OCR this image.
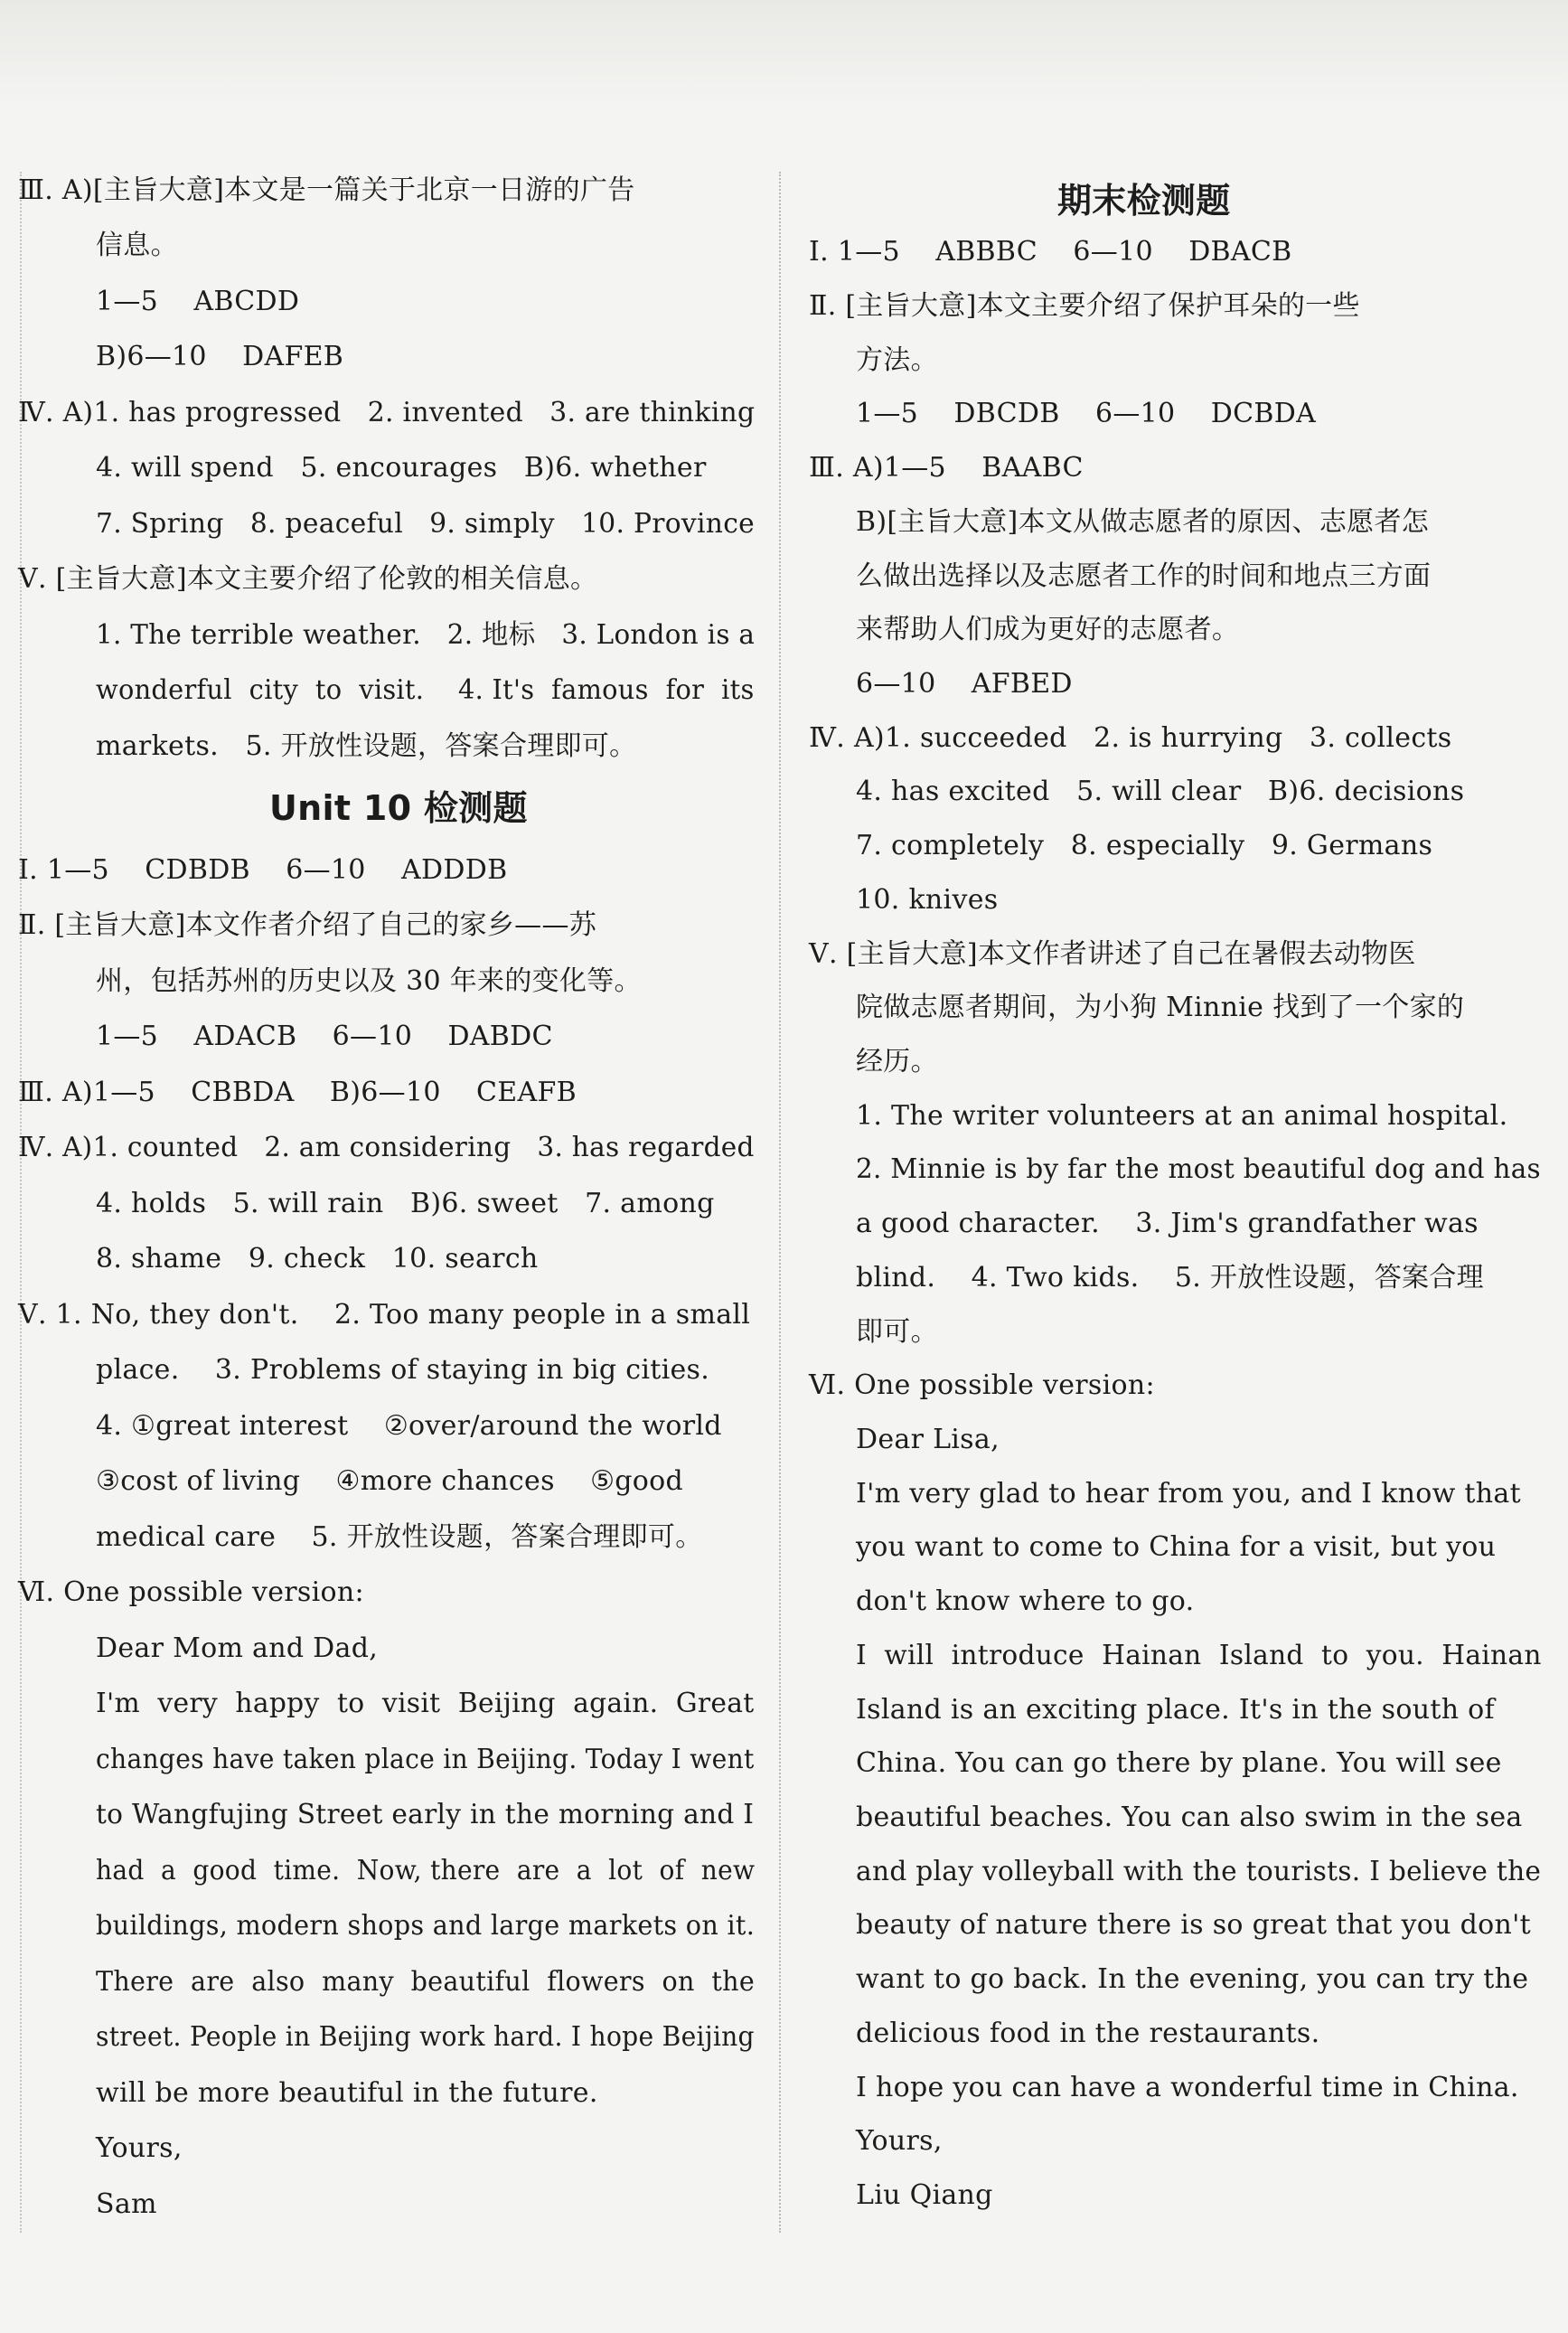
Ⅲ. A)[主旨大意]本文是一篇关于北京一日游的广告
信息。
1—5    ABCDD
B)6—10    DAFEB
Ⅳ. A)1. has progressed   2. invented   3. are thinking
4. will spend   5. encourages   B)6. whether
7. Spring   8. peaceful   9. simply   10. Province
Ⅴ. [主旨大意]本文主要介绍了伦敦的相关信息。
1. The terrible weather.   2. 地标   3. London is a
wonderful  city  to  visit.    4. It's  famous  for  its
markets.   5. 开放性设题，答案合理即可。
Unit 10 检测题
Ⅰ. 1—5    CDBDB    6—10    ADDDB
Ⅱ. [主旨大意]本文作者介绍了自己的家乡——苏
州，包括苏州的历史以及 30 年来的变化等。
1—5    ADACB    6—10    DABDC
Ⅲ. A)1—5    CBBDA    B)6—10    CEAFB
Ⅳ. A)1. counted   2. am considering   3. has regarded
4. holds   5. will rain   B)6. sweet   7. among
8. shame   9. check   10. search
Ⅴ. 1. No, they don't.    2. Too many people in a small
place.    3. Problems of staying in big cities.
4. ①great interest    ②over/around the world
③cost of living    ④more chances    ⑤good
medical care    5. 开放性设题，答案合理即可。
Ⅵ. One possible version:
Dear Mom and Dad,
I'm  very  happy  to  visit  Beijing  again.  Great
changes have taken place in Beijing. Today I went
to Wangfujing Street early in the morning and I
had  a  good  time.  Now, there  are  a  lot  of  new
buildings, modern shops and large markets on it.
There  are  also  many  beautiful  flowers  on  the
street. People in Beijing work hard. I hope Beijing
will be more beautiful in the future.
Yours,
Sam
期末检测题
Ⅰ. 1—5    ABBBC    6—10    DBACB
Ⅱ. [主旨大意]本文主要介绍了保护耳朵的一些
方法。
1—5    DBCDB    6—10    DCBDA
Ⅲ. A)1—5    BAABC
B)[主旨大意]本文从做志愿者的原因、志愿者怎
么做出选择以及志愿者工作的时间和地点三方面
来帮助人们成为更好的志愿者。
6—10    AFBED
Ⅳ. A)1. succeeded   2. is hurrying   3. collects
4. has excited   5. will clear   B)6. decisions
7. completely   8. especially   9. Germans
10. knives
Ⅴ. [主旨大意]本文作者讲述了自己在暑假去动物医
院做志愿者期间，为小狗 Minnie 找到了一个家的
经历。
1. The writer volunteers at an animal hospital.
2. Minnie is by far the most beautiful dog and has
a good character.    3. Jim's grandfather was
blind.    4. Two kids.    5. 开放性设题，答案合理
即可。
Ⅵ. One possible version:
Dear Lisa,
I'm very glad to hear from you, and I know that
you want to come to China for a visit, but you
don't know where to go.
I  will  introduce  Hainan  Island  to  you.  Hainan
Island is an exciting place. It's in the south of
China. You can go there by plane. You will see
beautiful beaches. You can also swim in the sea
and play volleyball with the tourists. I believe the
beauty of nature there is so great that you don't
want to go back. In the evening, you can try the
delicious food in the restaurants.
I hope you can have a wonderful time in China.
Yours,
Liu Qiang
